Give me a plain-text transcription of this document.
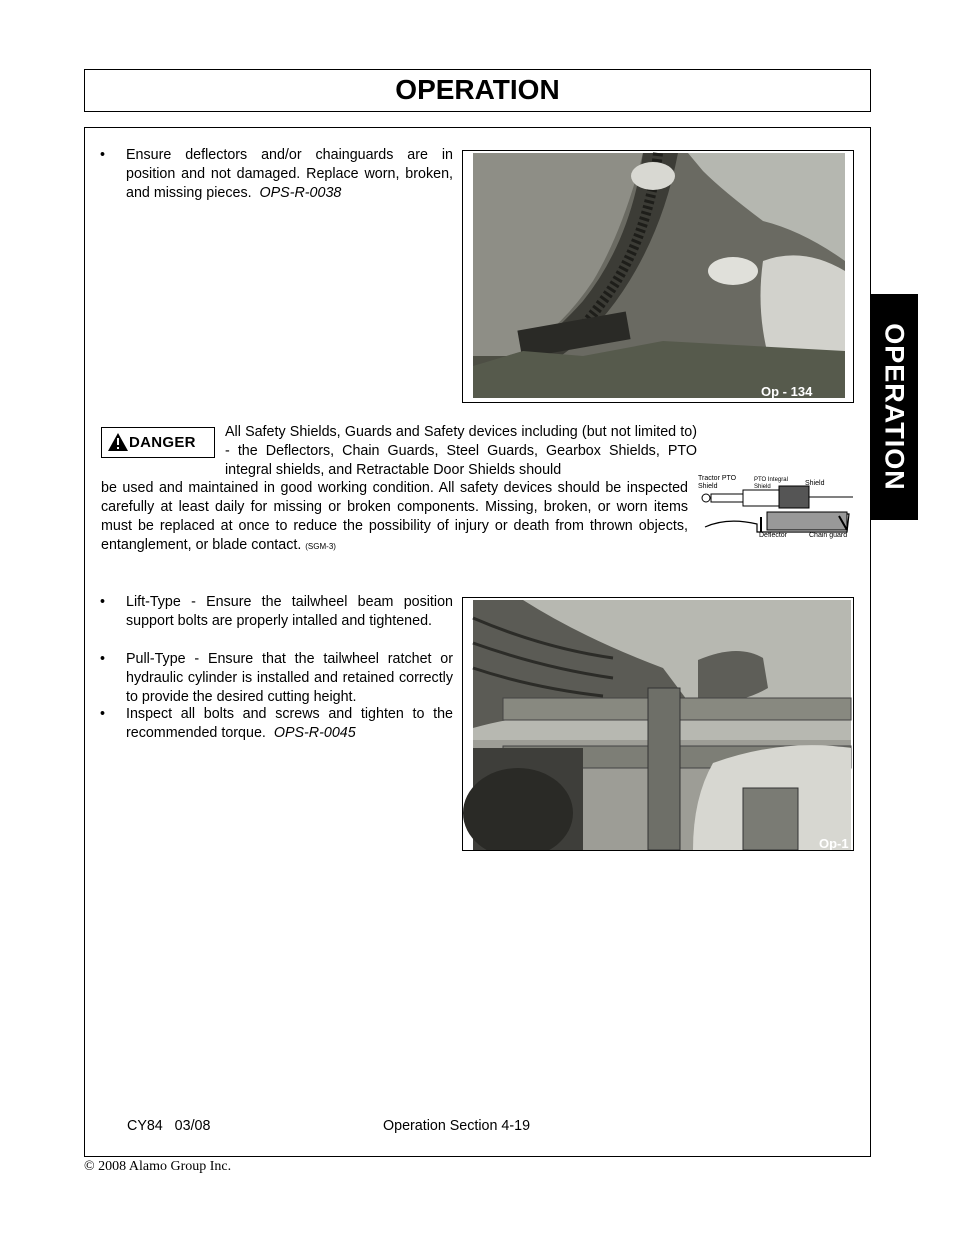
OPERATION
OPERATION
• Ensure deflectors and/or chainguards are in position and not damaged. Replace worn, broken, and missing pieces. OPS-R-0038
Op - 134
DANGER
All Safety Shields, Guards and Safety devices including (but not limited to) - the Deflectors, Chain Guards, Steel Guards, Gearbox Shields, PTO integral shields, and Retractable Door Shields should
be used and maintained in good working condition. All safety devices should be inspected carefully at least daily for missing or broken components. Missing, broken, or worn items must be replaced at once to reduce the possibility of injury or death from thrown objects, entanglement, or blade contact. (SGM-3)
Tractor PTO Shield
PTO Integral Shield	Shield
Deflector	Chain guard
• Lift-Type - Ensure the tailwheel beam position support bolts are properly intalled and tightened.
• Pull-Type - Ensure that the tailwheel ratchet or hydraulic cylinder is installed and retained correctly to provide the desired cutting height.
• Inspect all bolts and screws and tighten to the recommended torque. OPS-R-0045
Op-1
CY84   03/08	Operation Section 4-19
© 2008 Alamo Group Inc.
